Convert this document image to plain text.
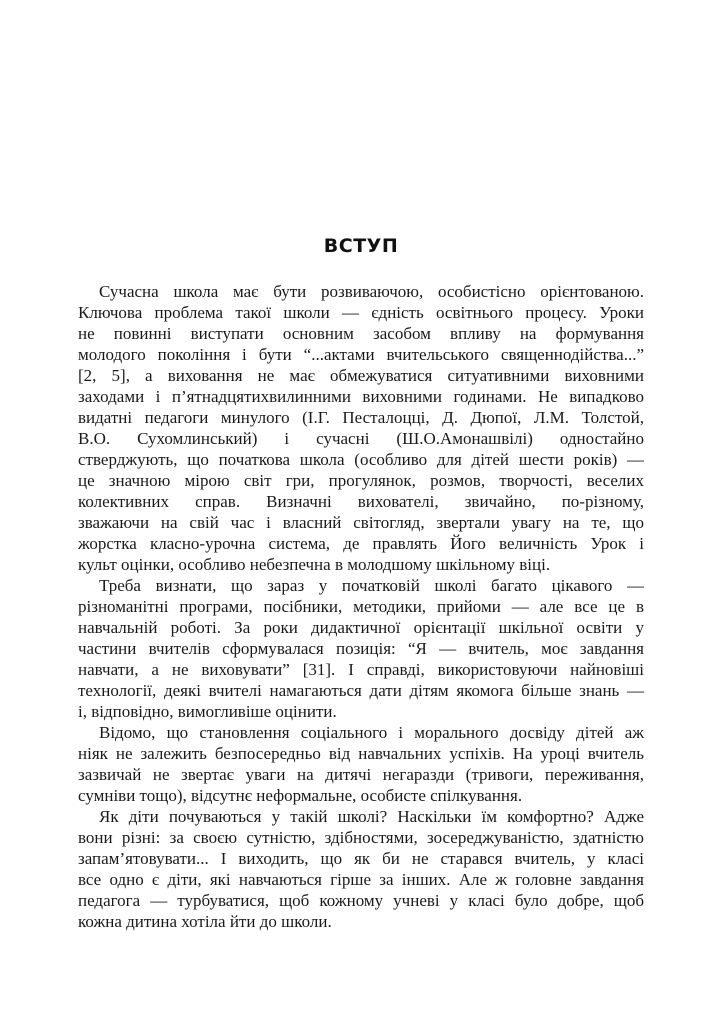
ВСТУП

Сучасна школа має бути розвиваючою, особистісно орієнтованою.
Ключова проблема такої школи — єдність освітнього процесу. Уроки
не повинні виступати основним засобом впливу на формування
молодого покоління і бути “...актами вчительського священнодійства...”
[2, 5], а виховання не має обмежуватися ситуативними виховними
заходами і п’ятнадцятихвилинними виховними годинами. Не випадково
видатні педагоги минулого (І.Г. Песталоцці, Д. Дюпої, Л.М. Толстой,
В.О. Сухомлинський) і сучасні (Ш.О.Амонашвілі) одностайно
стверджують, що початкова школа (особливо для дітей шести років) —
це значною мірою світ гри, прогулянок, розмов, творчості, веселих
колективних справ. Визначні вихователі, звичайно, по-різному,
зважаючи на свій час і власний світогляд, звертали увагу на те, що
жорстка класно-урочна система, де правлять Його величність Урок і
культ оцінки, особливо небезпечна в молодшому шкільному віці.

Треба визнати, що зараз у початковій школі багато цікавого —
різноманітні програми, посібники, методики, прийоми — але все це в
навчальній роботі. За роки дидактичної орієнтації шкільної освіти у
частини вчителів сформувалася позиція: “Я — вчитель, моє завдання
навчати, а не виховувати” [31]. І справді, використовуючи найновіші
технології, деякі вчителі намагаються дати дітям якомога більше знань —
і, відповідно, вимогливіше оцінити.

Відомо, що становлення соціального і морального досвіду дітей аж
ніяк не залежить безпосередньо від навчальних успіхів. На уроці вчитель
зазвичай не звертає уваги на дитячі негаразди (тривоги, переживання,
сумніви тощо), відсутнє неформальне, особисте спілкування.

Як діти почуваються у такій школі? Наскільки їм комфортно? Адже
вони різні: за своєю сутністю, здібностями, зосереджуваністю, здатністю
запам’ятовувати... І виходить, що як би не старався вчитель, у класі
все одно є діти, які навчаються гірше за інших. Але ж головне завдання
педагога — турбуватися, щоб кожному учневі у класі було добре, щоб
кожна дитина хотіла йти до школи.
